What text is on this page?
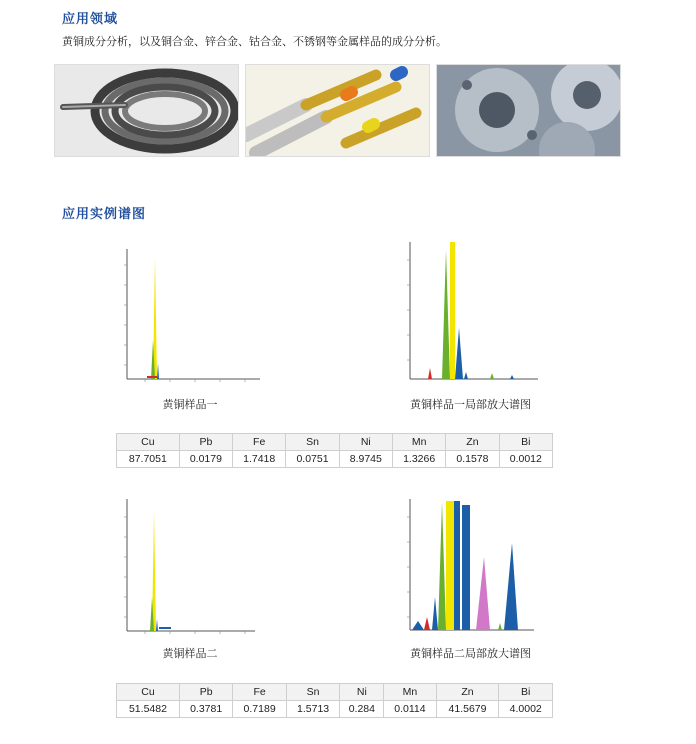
应用领域
黄铜成分分析，以及铜合金、锌合金、钴合金、不锈钢等金属样品的成分分析。
应用实例谱图
黄铜样品一	黄铜样品一局部放大谱图
Cu	Pb	Fe	Sn	Ni	Mn	Zn	Bi
87.7051	0.0179	1.7418	0.0751	8.9745	1.3266	0.1578	0.0012
黄铜样品二	黄铜样品二局部放大谱图
Cu	Pb	Fe	Sn	Ni	Mn	Zn	Bi
51.5482	0.3781	0.7189	1.5713	0.284	0.0114	41.5679	4.0002
